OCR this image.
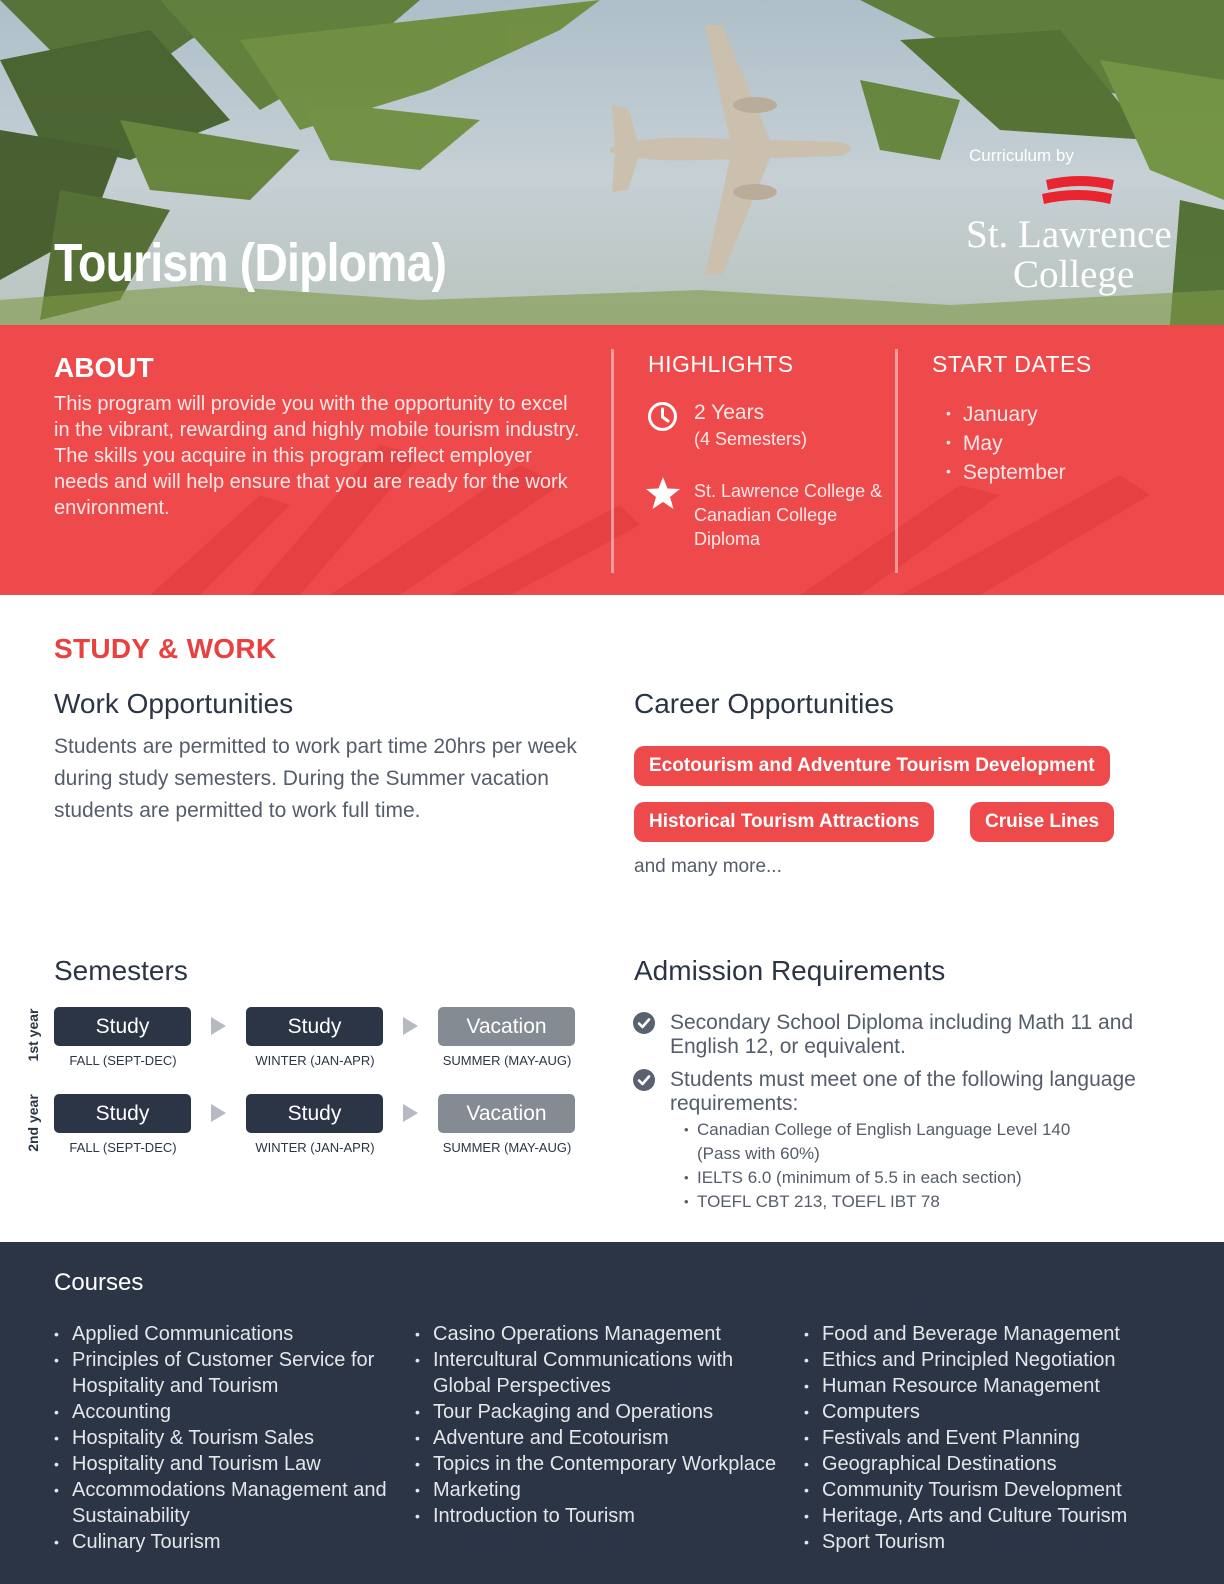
Tourism (Diploma)
Curriculum by
St. Lawrence
College
ABOUT
This program will provide you with the opportunity to excel in the vibrant, rewarding and highly mobile tourism industry. The skills you acquire in this program reflect employer needs and will help ensure that you are ready for the work environment.
HIGHLIGHTS
2 Years
(4 Semesters)
St. Lawrence College & Canadian College Diploma
START DATES
• January
• May
• September
STUDY & WORK
Work Opportunities
Students are permitted to work part time 20hrs per week during study semesters. During the Summer vacation students are permitted to work full time.
Career Opportunities
Ecotourism and Adventure Tourism Development
Historical Tourism Attractions	Cruise Lines
and many more...
Semesters
1st year	Study	Study	Vacation
FALL (SEPT-DEC)	WINTER (JAN-APR)	SUMMER (MAY-AUG)
2nd year	Study	Study	Vacation
FALL (SEPT-DEC)	WINTER (JAN-APR)	SUMMER (MAY-AUG)
Admission Requirements
Secondary School Diploma including Math 11 and English 12, or equivalent.
Students must meet one of the following language requirements:
• Canadian College of English Language Level 140
(Pass with 60%)
• IELTS 6.0 (minimum of 5.5 in each section)
• TOEFL CBT 213, TOEFL IBT 78
Courses
• Applied Communications
• Principles of Customer Service for Hospitality and Tourism
• Accounting
• Hospitality & Tourism Sales
• Hospitality and Tourism Law
• Accommodations Management and Sustainability
• Culinary Tourism
• Casino Operations Management
• Intercultural Communications with Global Perspectives
• Tour Packaging and Operations
• Adventure and Ecotourism
• Topics in the Contemporary Workplace
• Marketing
• Introduction to Tourism
• Food and Beverage Management
• Ethics and Principled Negotiation
• Human Resource Management
• Computers
• Festivals and Event Planning
• Geographical Destinations
• Community Tourism Development
• Heritage, Arts and Culture Tourism
• Sport Tourism
